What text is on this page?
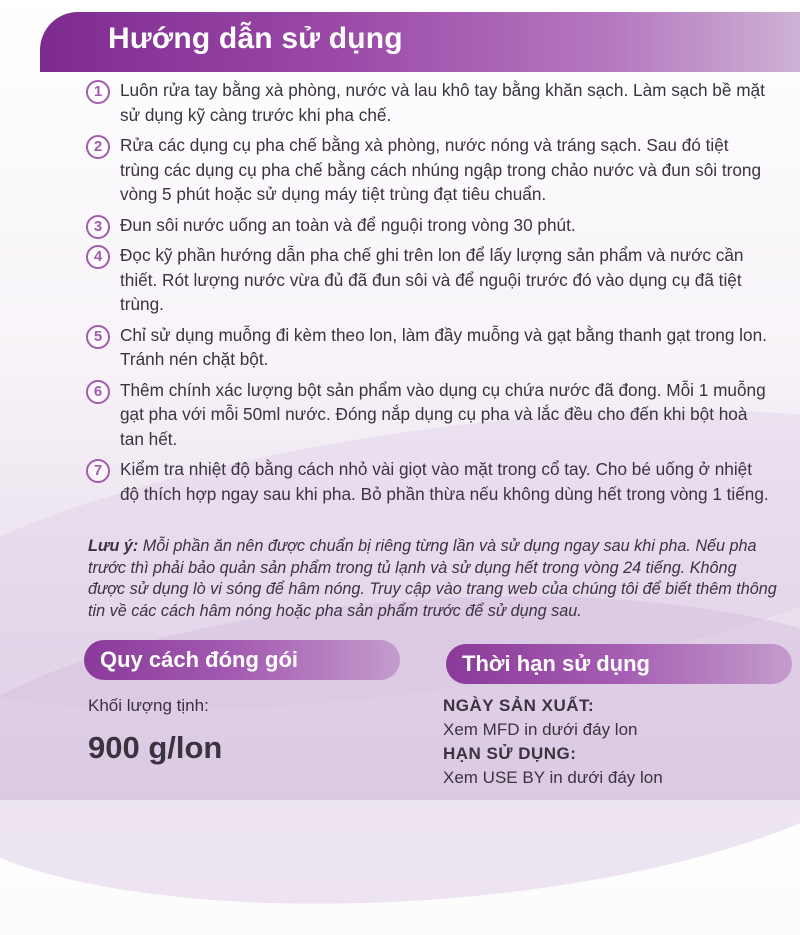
Hướng dẫn sử dụng
1	Luôn rửa tay bằng xà phòng, nước và lau khô tay bằng khăn sạch. Làm sạch bề mặt sử dụng kỹ càng trước khi pha chế.
2	Rửa các dụng cụ pha chế bằng xà phòng, nước nóng và tráng sạch. Sau đó tiệt trùng các dụng cụ pha chế bằng cách nhúng ngập trong chảo nước và đun sôi trong vòng 5 phút hoặc sử dụng máy tiệt trùng đạt tiêu chuẩn.
3	Đun sôi nước uống an toàn và để nguội trong vòng 30 phút.
4	Đọc kỹ phần hướng dẫn pha chế ghi trên lon để lấy lượng sản phẩm và nước cần thiết. Rót lượng nước vừa đủ đã đun sôi và để nguội trước đó vào dụng cụ đã tiệt trùng.
5	Chỉ sử dụng muỗng đi kèm theo lon, làm đầy muỗng và gạt bằng thanh gạt trong lon. Tránh nén chặt bột.
6	Thêm chính xác lượng bột sản phẩm vào dụng cụ chứa nước đã đong. Mỗi 1 muỗng gạt pha với mỗi 50ml nước. Đóng nắp dụng cụ pha và lắc đều cho đến khi bột hoà tan hết.
7	Kiểm tra nhiệt độ bằng cách nhỏ vài giọt vào mặt trong cổ tay. Cho bé uống ở nhiệt độ thích hợp ngay sau khi pha. Bỏ phần thừa nếu không dùng hết trong vòng 1 tiếng.
Lưu ý: Mỗi phần ăn nên được chuẩn bị riêng từng lần và sử dụng ngay sau khi pha. Nếu pha trước thì phải bảo quản sản phẩm trong tủ lạnh và sử dụng hết trong vòng 24 tiếng. Không được sử dụng lò vi sóng để hâm nóng. Truy cập vào trang web của chúng tôi để biết thêm thông tin về các cách hâm nóng hoặc pha sản phẩm trước để sử dụng sau.
Quy cách đóng gói
Khối lượng tịnh:
900 g/lon
Thời hạn sử dụng
NGÀY SẢN XUẤT:
Xem MFD in dưới đáy lon
HẠN SỬ DỤNG:
Xem USE BY in dưới đáy lon
